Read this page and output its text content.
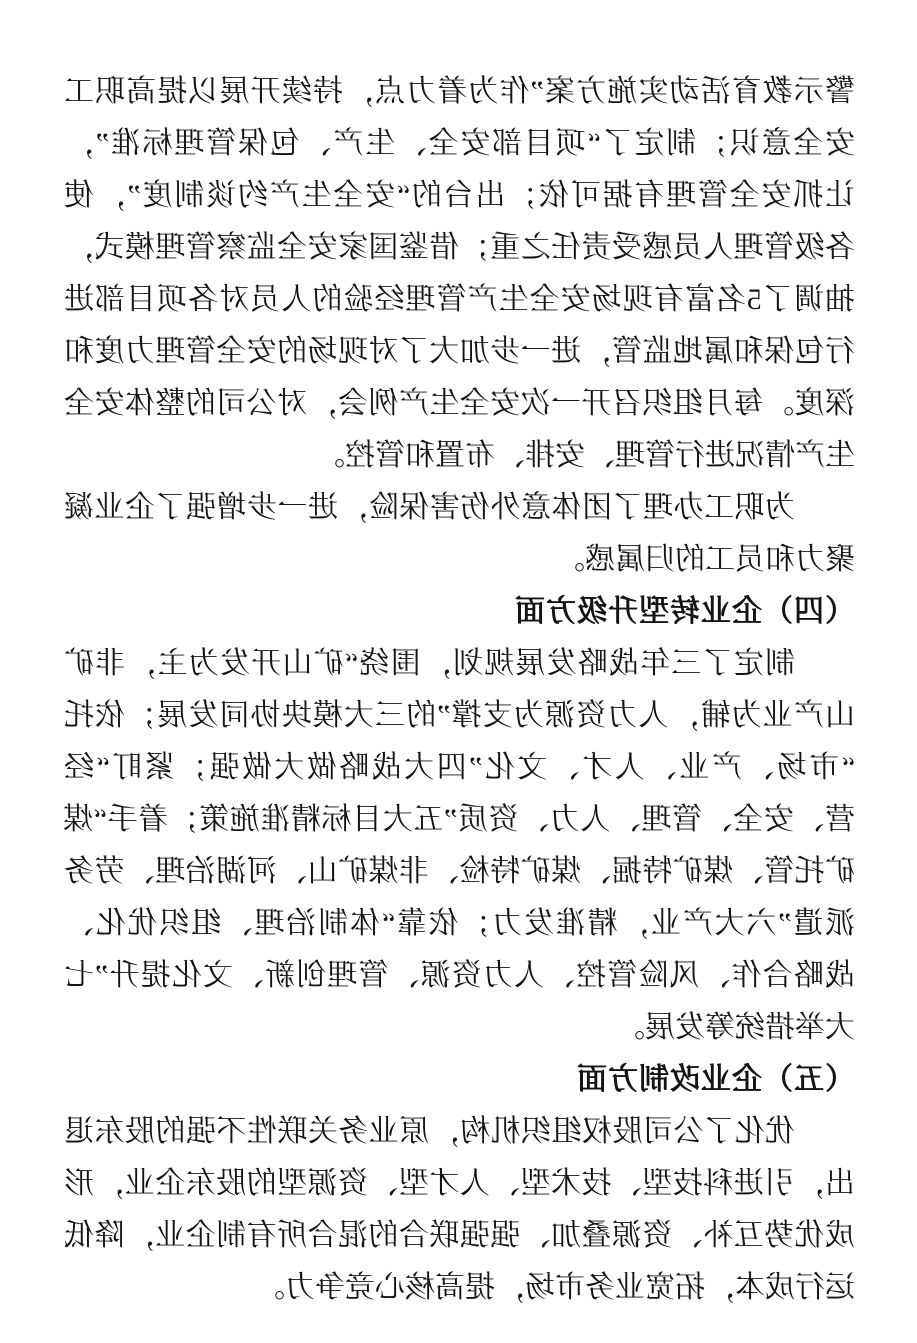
警示教育活动实施方案”作为着力点，持续开展以提高职工
安全意识；制定了“项目部安全、生产、包保管理标准”，
让抓安全管理有据可依；出台的“安全生产约谈制度”，使
各级管理人员感受责任之重；借鉴国家安全监察管理模式，
抽调了5名富有现场安全生产管理经验的人员对各项目部进
行包保和属地监管，进一步加大了对现场的安全管理力度和
深度。每月组织召开一次安全生产例会，对公司的整体安全
生产情况进行管理、安排、布置和管控。
为职工办理了团体意外伤害保险，进一步增强了企业凝
聚力和员工的归属感。
（四）企业转型升级方面
制定了三年战略发展规划，围绕“矿山开发为主，非矿
山产业为辅，人力资源为支撑”的三大模块协同发展；依托
“市场、产业、人才、文化”四大战略做大做强；紧盯“经
营、安全、管理、人力、资质”五大目标精准施策；着手“煤
矿托管、煤矿特掘、煤矿特检、非煤矿山、河湖治理、劳务
派遣”六大产业，精准发力；依靠“体制治理、组织优化、
战略合作、风险管控、人力资源、管理创新、文化提升”七
大举措统筹发展。
（五）企业改制方面
优化了公司股权组织机构，原业务关联性不强的股东退
出，引进科技型、技术型、人才型、资源型的股东企业，形
成优势互补、资源叠加、强强联合的混合所有制企业，降低
运行成本，拓宽业务市场，提高核心竞争力。
